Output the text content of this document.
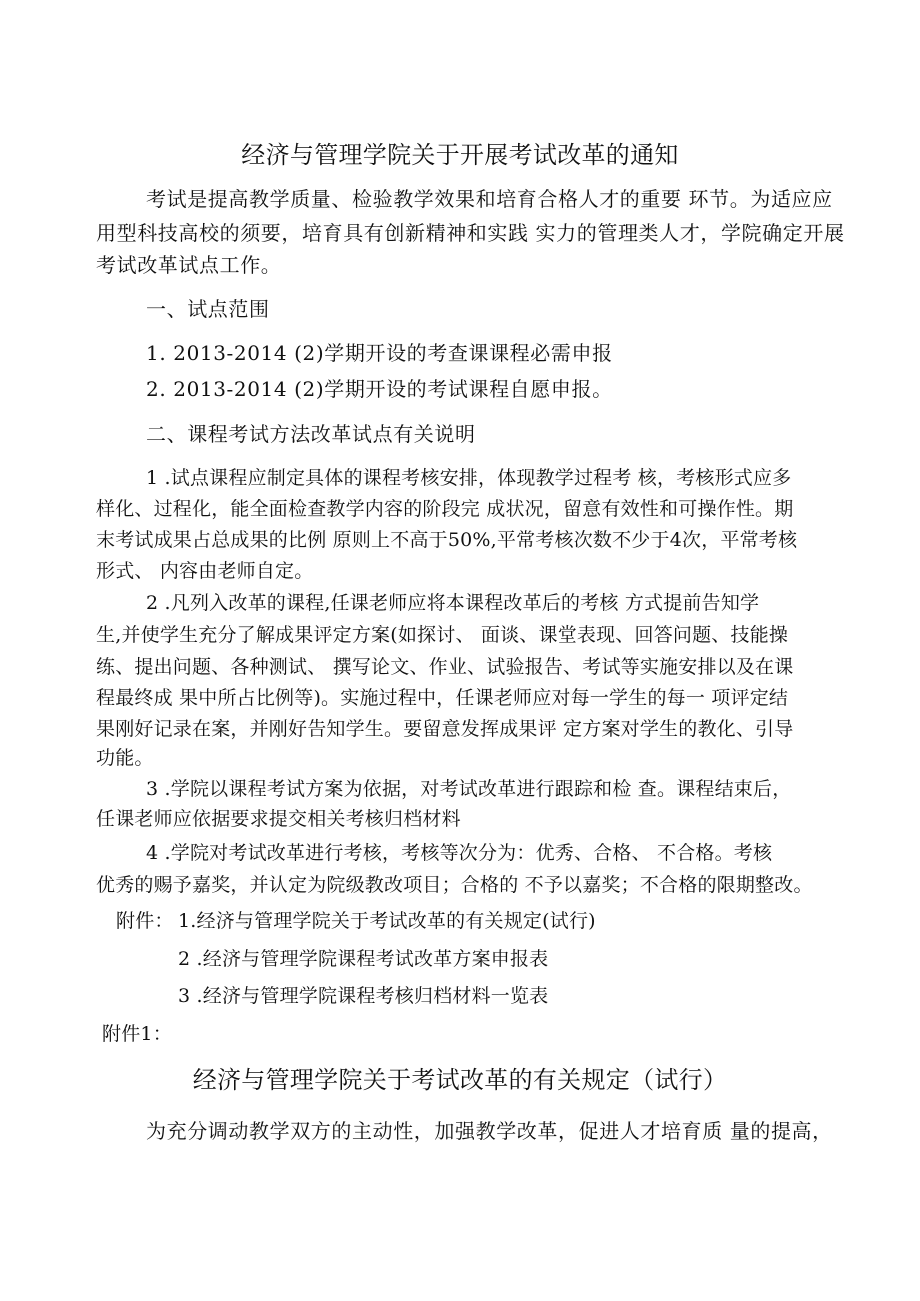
经济与管理学院关于开展考试改革的通知
考试是提高教学质量、检验教学效果和培育合格人才的重要 环节。为适应应
用型科技高校的须要，培育具有创新精神和实践 实力的管理类人才，学院确定开展
考试改革试点工作。
一、试点范围
1. 2013-2014 (2)学期开设的考查课课程必需申报
2. 2013-2014 (2)学期开设的考试课程自愿申报。
二、课程考试方法改革试点有关说明
1 .试点课程应制定具体的课程考核安排，体现教学过程考 核，考核形式应多
样化、过程化，能全面检查教学内容的阶段完 成状况，留意有效性和可操作性。期
末考试成果占总成果的比例 原则上不高于50%,平常考核次数不少于4次，平常考核
形式、 内容由老师自定。
2 .凡列入改革的课程,任课老师应将本课程改革后的考核 方式提前告知学
生,并使学生充分了解成果评定方案(如探讨、 面谈、课堂表现、回答问题、技能操
练、提出问题、各种测试、 撰写论文、作业、试验报告、考试等实施安排以及在课
程最终成 果中所占比例等)。实施过程中，任课老师应对每一学生的每一 项评定结
果刚好记录在案，并刚好告知学生。要留意发挥成果评 定方案对学生的教化、引导
功能。
3 .学院以课程考试方案为依据，对考试改革进行跟踪和检 查。课程结束后，
任课老师应依据要求提交相关考核归档材料
4 .学院对考试改革进行考核，考核等次分为：优秀、合格、 不合格。考核
优秀的赐予嘉奖，并认定为院级教改项目；合格的 不予以嘉奖；不合格的限期整改。
附件： 1.经济与管理学院关于考试改革的有关规定(试行)
2 .经济与管理学院课程考试改革方案申报表
3 .经济与管理学院课程考核归档材料一览表
附件1：
经济与管理学院关于考试改革的有关规定（试行）
为充分调动教学双方的主动性，加强教学改革，促进人才培育质 量的提高，
